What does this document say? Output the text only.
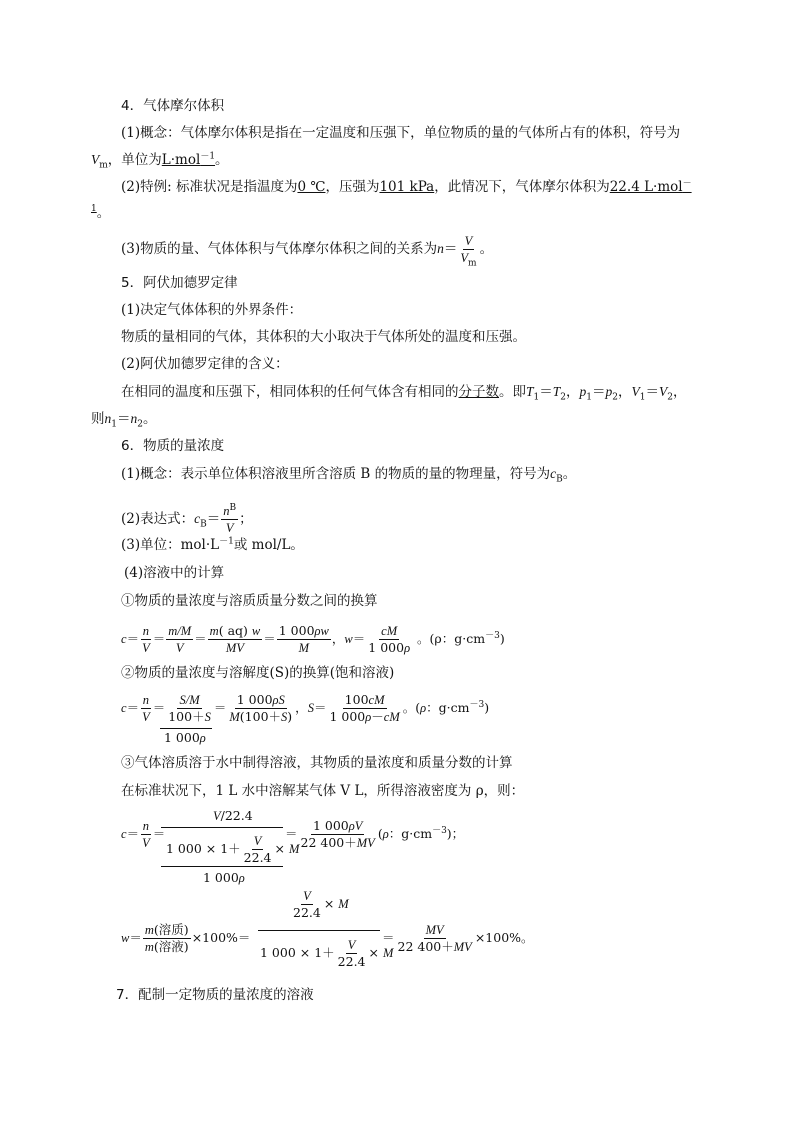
4．气体摩尔体积
(1)概念：气体摩尔体积是指在一定温度和压强下，单位物质的量的气体所占有的体积，符号为
$V_m$，单位为L·mol$^{-1}$。
(2)特例: 标准状况是指温度为0 ℃，压强为101 kPa，此情况下，气体摩尔体积为22.4 L·mol－
$^1$。
(3)物质的量、气体体积与气体摩尔体积之间的关系为$n= \frac{V}{V_m}$ 。
5．阿伏加德罗定律
(1)决定气体体积的外界条件：
物质的量相同的气体，其体积的大小取决于气体所处的温度和压强。
(2)阿伏加德罗定律的含义：
在相同的温度和压强下，相同体积的任何气体含有相同的分子数。即$T_1=T_2$，$p_1=p_2$，$V_1=V_2$，
则$n_1=n_2$。
6．物质的量浓度
(1)概念：表示单位体积溶液里所含溶质 B 的物质的量的物理量，符号为$c_B$。
(2)表达式：$c_B= \frac{n^B}{V}$ ；
(3)单位：$mol\cdot L^{-1}$或 mol/L。
(4)溶液中的计算
①物质的量浓度与溶质质量分数之间的换算
$c= \frac{n}{V} = \frac{m/M}{V} = \frac{m( aq) w}{MV} = \frac{1 000\rho w}{M}$ ，$w= \frac{cM}{1 000\rho}$ 。(ρ：$g\cdot cm^{-3}$)
②物质的量浓度与溶解度(S)的换算(饱和溶液)
$c= \frac{n}{V} = \frac{S/M}{100+S} = \frac{1 000\rho S}{M(100+S)}$ ，$S= \frac{100cM}{1 000\rho-cM}$ 。(ρ：$g\cdot cm^{-3}$)
1 000ρ
③气体溶质溶于水中制得溶液，其物质的量浓度和质量分数的计算
在标准状况下，1 L 水中溶解某气体 V L，所得溶液密度为 ρ，则：
$c= \frac{n}{V}$ ＝
V/22.4
1 $000 \times 1+ \frac{V}{22.4} \times M$
1 000ρ
＝ $\frac{1 000\rho V}{22 400+MV} (\rho$：$g\cdot cm^{-3}$)；
w＝ m(溶质)
m(溶液)
×100%＝
$\frac{V}{22.4} \times M$
1 $000 \times 1+ \frac{V}{22.4} \times M$
＝ $\frac{MV}{22 400+MV} \times 100\%$。
7．配制一定物质的量浓度的溶液
